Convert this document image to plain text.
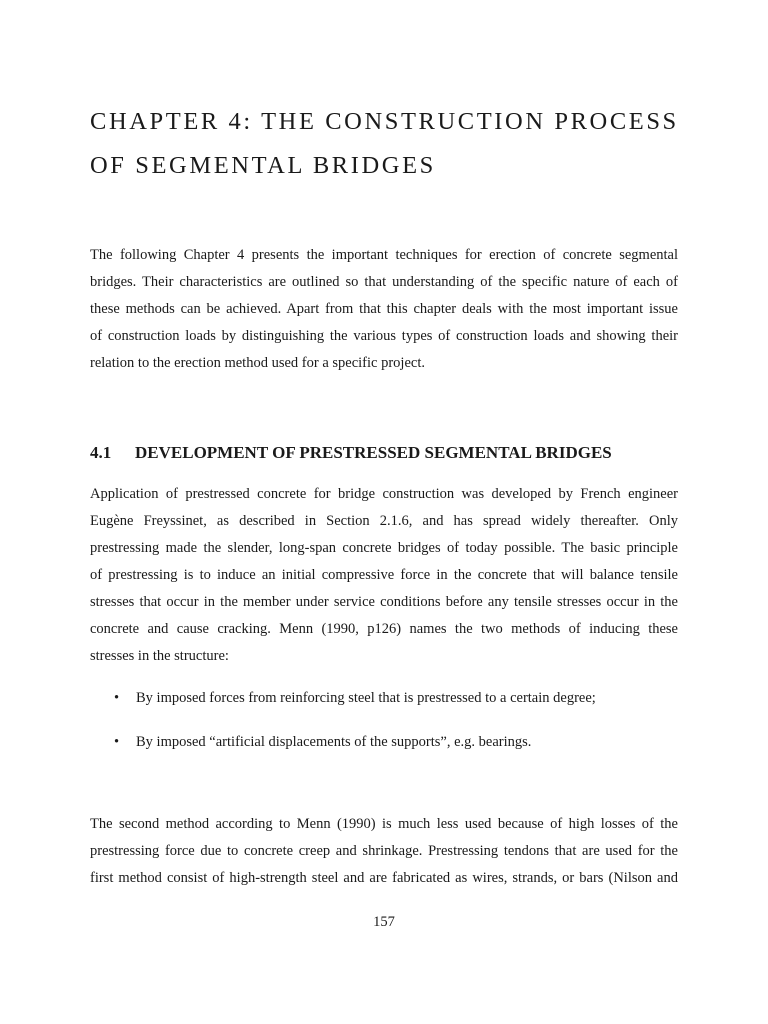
CHAPTER 4: THE CONSTRUCTION PROCESS
OF SEGMENTAL BRIDGES

The following Chapter 4 presents the important techniques for erection of concrete segmental
bridges. Their characteristics are outlined so that understanding of the specific nature of each of
these methods can be achieved. Apart from that this chapter deals with the most important issue
of construction loads by distinguishing the various types of construction loads and showing their
relation to the erection method used for a specific project.

4.1 DEVELOPMENT OF PRESTRESSED SEGMENTAL BRIDGES

Application of prestressed concrete for bridge construction was developed by French engineer
Eugène Freyssinet, as described in Section 2.1.6, and has spread widely thereafter. Only
prestressing made the slender, long-span concrete bridges of today possible. The basic principle
of prestressing is to induce an initial compressive force in the concrete that will balance tensile
stresses that occur in the member under service conditions before any tensile stresses occur in the
concrete and cause cracking. Menn (1990, p126) names the two methods of inducing these
stresses in the structure:

• By imposed forces from reinforcing steel that is prestressed to a certain degree;
• By imposed “artificial displacements of the supports”, e.g. bearings.

The second method according to Menn (1990) is much less used because of high losses of the
prestressing force due to concrete creep and shrinkage. Prestressing tendons that are used for the
first method consist of high-strength steel and are fabricated as wires, strands, or bars (Nilson and

157
